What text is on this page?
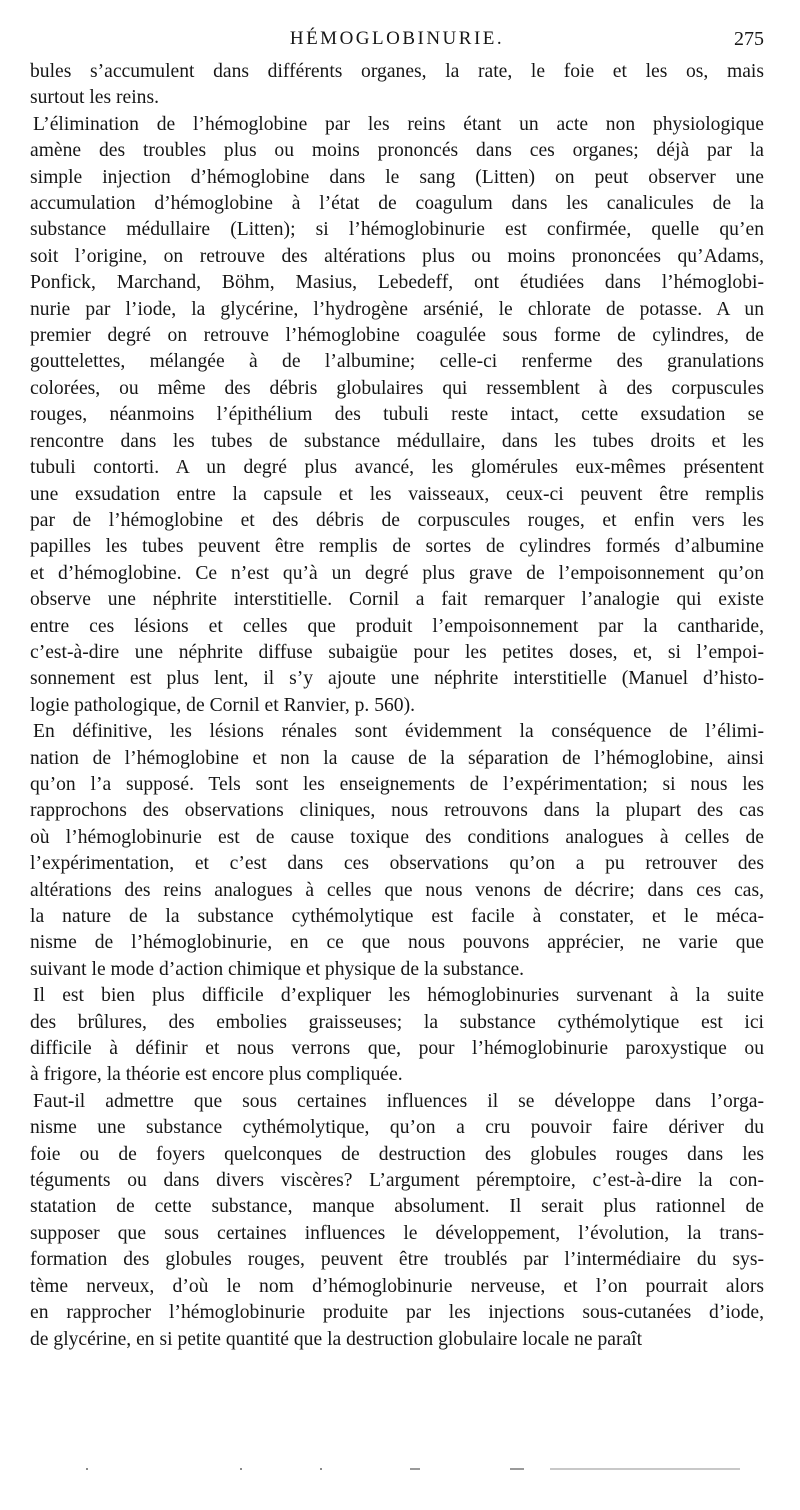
HÉMOGLOBINURIE.	275
bules s’accumulent dans différents organes, la rate, le foie et les os, mais
surtout les reins.
L’élimination de l’hémoglobine par les reins étant un acte non physiologique
amène des troubles plus ou moins prononcés dans ces organes; déjà par la
simple injection d’hémoglobine dans le sang (Litten) on peut observer une
accumulation d’hémoglobine à l’état de coagulum dans les canalicules de la
substance médullaire (Litten); si l’hémoglobinurie est confirmée, quelle qu’en
soit l’origine, on retrouve des altérations plus ou moins prononcées qu’Adams,
Ponfick, Marchand, Böhm, Masius, Lebedeff, ont étudiées dans l’hémoglobi-
nurie par l’iode, la glycérine, l’hydrogène arsénié, le chlorate de potasse. A un
premier degré on retrouve l’hémoglobine coagulée sous forme de cylindres, de
gouttelettes, mélangée à de l’albumine; celle-ci renferme des granulations
colorées, ou même des débris globulaires qui ressemblent à des corpuscules
rouges, néanmoins l’épithélium des tubuli reste intact, cette exsudation se
rencontre dans les tubes de substance médullaire, dans les tubes droits et les
tubuli contorti. A un degré plus avancé, les glomérules eux-mêmes présentent
une exsudation entre la capsule et les vaisseaux, ceux-ci peuvent être remplis
par de l’hémoglobine et des débris de corpuscules rouges, et enfin vers les
papilles les tubes peuvent être remplis de sortes de cylindres formés d’albumine
et d’hémoglobine. Ce n’est qu’à un degré plus grave de l’empoisonnement qu’on
observe une néphrite interstitielle. Cornil a fait remarquer l’analogie qui existe
entre ces lésions et celles que produit l’empoisonnement par la cantharide,
c’est-à-dire une néphrite diffuse subaigüe pour les petites doses, et, si l’empoi-
sonnement est plus lent, il s’y ajoute une néphrite interstitielle (Manuel d’histo-
logie pathologique, de Cornil et Ranvier, p. 560).
En définitive, les lésions rénales sont évidemment la conséquence de l’élimi-
nation de l’hémoglobine et non la cause de la séparation de l’hémoglobine, ainsi
qu’on l’a supposé. Tels sont les enseignements de l’expérimentation; si nous les
rapprochons des observations cliniques, nous retrouvons dans la plupart des cas
où l’hémoglobinurie est de cause toxique des conditions analogues à celles de
l’expérimentation, et c’est dans ces observations qu’on a pu retrouver des
altérations des reins analogues à celles que nous venons de décrire; dans ces cas,
la nature de la substance cythémolytique est facile à constater, et le méca-
nisme de l’hémoglobinurie, en ce que nous pouvons apprécier, ne varie que
suivant le mode d’action chimique et physique de la substance.
Il est bien plus difficile d’expliquer les hémoglobinuries survenant à la suite
des brûlures, des embolies graisseuses; la substance cythémolytique est ici
difficile à définir et nous verrons que, pour l’hémoglobinurie paroxystique ou
à frigore, la théorie est encore plus compliquée.
Faut-il admettre que sous certaines influences il se développe dans l’orga-
nisme une substance cythémolytique, qu’on a cru pouvoir faire dériver du
foie ou de foyers quelconques de destruction des globules rouges dans les
téguments ou dans divers viscères? L’argument péremptoire, c’est-à-dire la con-
statation de cette substance, manque absolument. Il serait plus rationnel de
supposer que sous certaines influences le développement, l’évolution, la trans-
formation des globules rouges, peuvent être troublés par l’intermédiaire du sys-
tème nerveux, d’où le nom d’hémoglobinurie nerveuse, et l’on pourrait alors
en rapprocher l’hémoglobinurie produite par les injections sous-cutanées d’iode,
de glycérine, en si petite quantité que la destruction globulaire locale ne paraît
